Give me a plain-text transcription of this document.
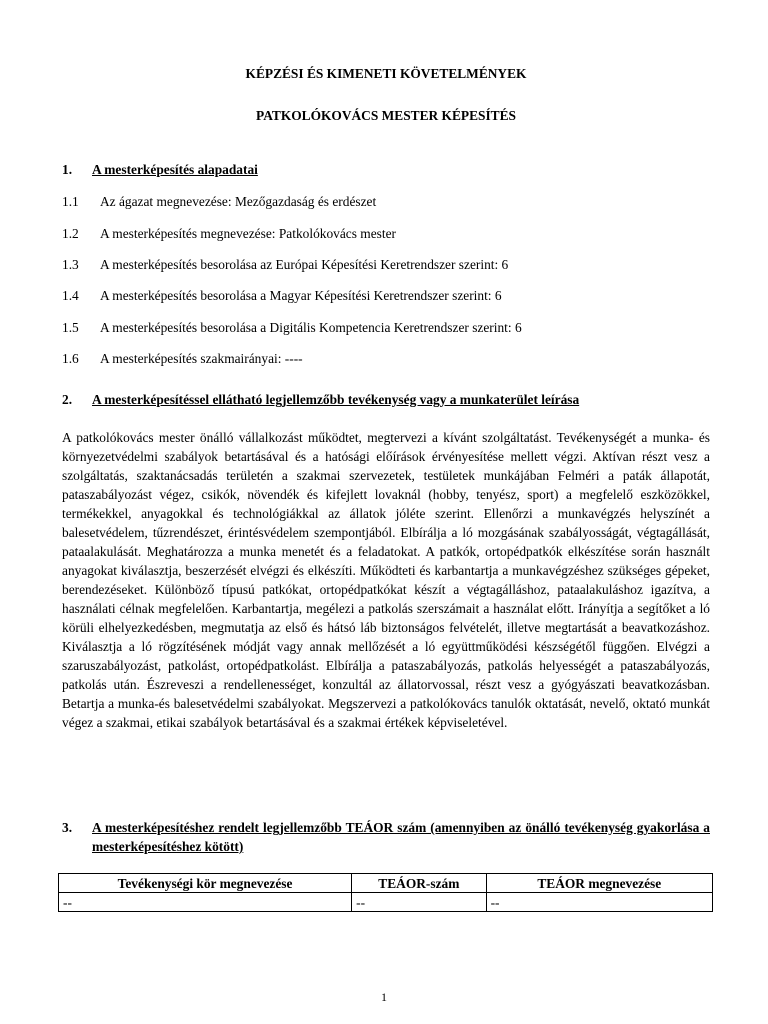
KÉPZÉSI ÉS KIMENETI KÖVETELMÉNYEK
PATKOLÓKOVÁCS MESTER KÉPESÍTÉS
1. A mesterképesítés alapadatai
1.1 Az ágazat megnevezése: Mezőgazdaság és erdészet
1.2 A mesterképesítés megnevezése: Patkolókovács mester
1.3 A mesterképesítés besorolása az Európai Képesítési Keretrendszer szerint: 6
1.4 A mesterképesítés besorolása a Magyar Képesítési Keretrendszer szerint: 6
1.5 A mesterképesítés besorolása a Digitális Kompetencia Keretrendszer szerint: 6
1.6 A mesterképesítés szakmairányai: ----
2. A mesterképesítéssel ellátható legjellemzőbb tevékenység vagy a munkaterület leírása

A patkolókovács mester önálló vállalkozást működtet, megtervezi a kívánt szolgáltatást. Tevékenységét a munka- és környezetvédelmi szabályok betartásával és a hatósági előírások érvényesítése mellett végzi. Aktívan részt vesz a szolgáltatás, szaktanácsadás területén a szakmai szervezetek, testületek munkájában Felméri a paták állapotát, pataszabályozást végez, csikók, növendék és kifejlett lovaknál (hobby, tenyész, sport) a megfelelő eszközökkel, termékekkel, anyagokkal és technológiákkal az állatok jóléte szerint. Ellenőrzi a munkavégzés helyszínét a balesetvédelem, tűzrendészet, érintésvédelem szempontjából. Elbírálja a ló mozgásának szabályosságát, végtagállását, pataalakulását. Meghatározza a munka menetét és a feladatokat. A patkók, ortopédpatkók elkészítése során használt anyagokat kiválasztja, beszerzését elvégzi és elkészíti. Működteti és karbantartja a munkavégzéshez szükséges gépeket, berendezéseket. Különböző típusú patkókat, ortopédpatkókat készít a végtagálláshoz, pataalakuláshoz igazítva, a használati célnak megfelelően. Karbantartja, megélezi a patkolás szerszámait a használat előtt. Irányítja a segítőket a ló körüli elhelyezkedésben, megmutatja az első és hátsó láb biztonságos felvételét, illetve megtartását a beavatkozáshoz. Kiválasztja a ló rögzítésének módját vagy annak mellőzését a ló együttműködési készségétől függően. Elvégzi a szaruszabályozást, patkolást, ortopédpatkolást. Elbírálja a pataszabályozás, patkolás helyességét a pataszabályozás, patkolás után. Észreveszi a rendellenességet, konzultál az állatorvossal, részt vesz a gyógyászati beavatkozásban. Betartja a munka-és balesetvédelmi szabályokat. Megszervezi a patkolókovács tanulók oktatását, nevelő, oktató munkát végez a szakmai, etikai szabályok betartásával és a szakmai értékek képviseletével.

3. A mesterképesítéshez rendelt legjellemzőbb TEÁOR szám (amennyiben az önálló tevékenység gyakorlása a mesterképesítéshez kötött)
Tevékenységi kör megnevezése	TEÁOR-szám	TEÁOR megnevezése
--	--	--
1
